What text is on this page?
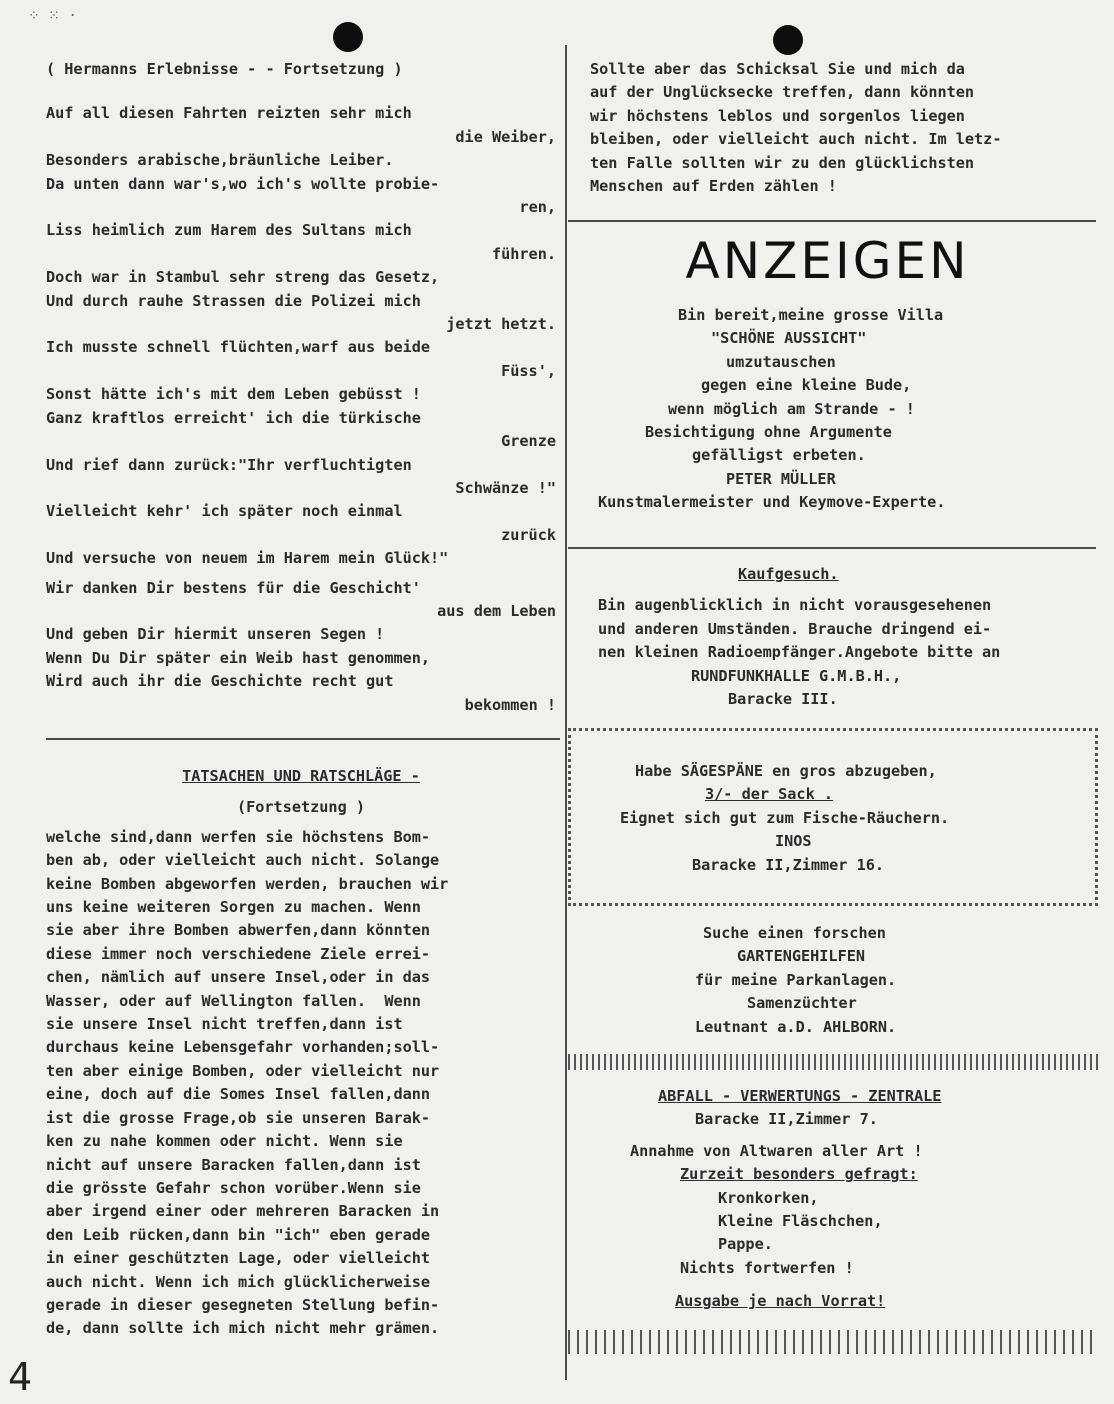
⁘ ⁙ ·
( Hermanns Erlebnisse - - Fortsetzung )
Auf all diesen Fahrten reizten sehr mich
die Weiber,
Besonders arabische,bräunliche Leiber.
Da unten dann war's,wo ich's wollte probie-
ren,
Liss heimlich zum Harem des Sultans mich
führen.
Doch war in Stambul sehr streng das Gesetz,
Und durch rauhe Strassen die Polizei mich
jetzt hetzt.
Ich musste schnell flüchten,warf aus beide
Füss',
Sonst hätte ich's mit dem Leben gebüsst !
Ganz kraftlos erreicht' ich die türkische
Grenze
Und rief dann zurück:"Ihr verfluchtigten
Schwänze !"
Vielleicht kehr' ich später noch einmal
zurück
Und versuche von neuem im Harem mein Glück!"
Wir danken Dir bestens für die Geschicht'
aus dem Leben
Und geben Dir hiermit unseren Segen !
Wenn Du Dir später ein Weib hast genommen,
Wird auch ihr die Geschichte recht gut
bekommen !
TATSACHEN UND RATSCHLÄGE -
(Fortsetzung )
welche sind,dann werfen sie höchstens Bom-
ben ab, oder vielleicht auch nicht. Solange
keine Bomben abgeworfen werden, brauchen wir
uns keine weiteren Sorgen zu machen. Wenn
sie aber ihre Bomben abwerfen,dann könnten
diese immer noch verschiedene Ziele errei-
chen, nämlich auf unsere Insel,oder in das
Wasser, oder auf Wellington fallen.  Wenn
sie unsere Insel nicht treffen,dann ist
durchaus keine Lebensgefahr vorhanden;soll-
ten aber einige Bomben, oder vielleicht nur
eine, doch auf die Somes Insel fallen,dann
ist die grosse Frage,ob sie unseren Barak-
ken zu nahe kommen oder nicht. Wenn sie
nicht auf unsere Baracken fallen,dann ist
die grösste Gefahr schon vorüber.Wenn sie
aber irgend einer oder mehreren Baracken in
den Leib rücken,dann bin "ich" eben gerade
in einer geschützten Lage, oder vielleicht
auch nicht. Wenn ich mich glücklicherweise
gerade in dieser gesegneten Stellung befin-
de, dann sollte ich mich nicht mehr grämen.
4
Sollte aber das Schicksal Sie und mich da
auf der Unglücksecke treffen, dann könnten
wir höchstens leblos und sorgenlos liegen
bleiben, oder vielleicht auch nicht. Im letz-
ten Falle sollten wir zu den glücklichsten
Menschen auf Erden zählen !
ANZEIGEN
Bin bereit,meine grosse Villa
"SCHÖNE AUSSICHT"
umzutauschen
gegen eine kleine Bude,
wenn möglich am Strande - !
Besichtigung ohne Argumente
gefälligst erbeten.
PETER MÜLLER
Kunstmalermeister und Keymove-Experte.
Kaufgesuch.
Bin augenblicklich in nicht vorausgesehenen
und anderen Umständen. Brauche dringend ei-
nen kleinen Radioempfänger.Angebote bitte an
RUNDFUNKHALLE G.M.B.H.,
Baracke III.
Habe SÄGESPÄNE en gros abzugeben,
3/- der Sack .
Eignet sich gut zum Fische-Räuchern.
INOS
Baracke II,Zimmer 16.
Suche einen forschen
GARTENGEHILFEN
für meine Parkanlagen.
Samenzüchter
Leutnant a.D. AHLBORN.
ABFALL - VERWERTUNGS - ZENTRALE
Baracke II,Zimmer 7.
Annahme von Altwaren aller Art !
Zurzeit besonders gefragt:
Kronkorken,
Kleine Fläschchen,
Pappe.
Nichts fortwerfen !
Ausgabe je nach Vorrat!
